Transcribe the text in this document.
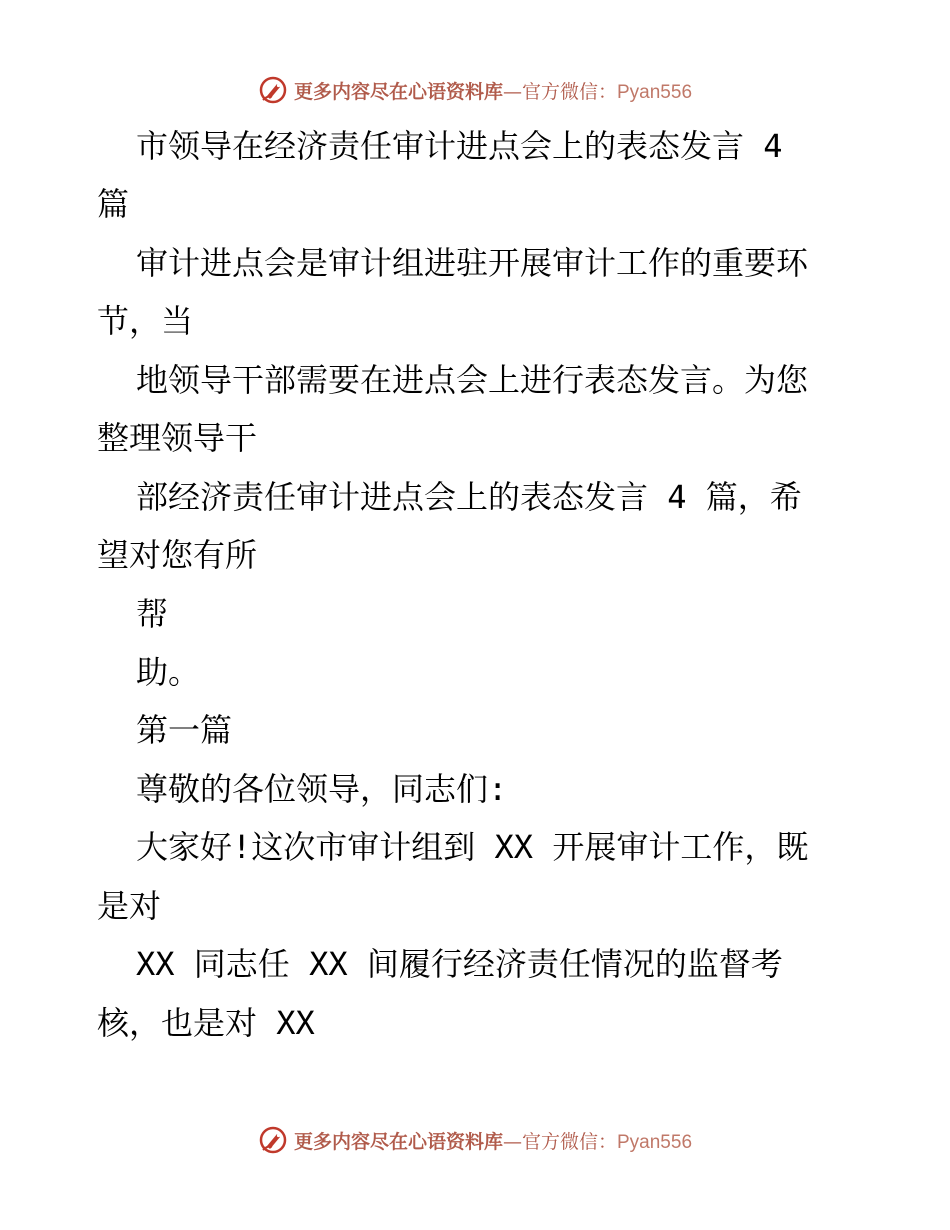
更多内容尽在心语资料库—官方微信：Pyan556
市领导在经济责任审计进点会上的表态发言 4
篇
审计进点会是审计组进驻开展审计工作的重要环
节，当
地领导干部需要在进点会上进行表态发言。为您
整理领导干
部经济责任审计进点会上的表态发言 4 篇，希
望对您有所
帮
助。
第一篇
尊敬的各位领导，同志们:
大家好!这次市审计组到 XX 开展审计工作，既
是对
XX 同志任 XX 间履行经济责任情况的监督考
核，也是对 XX
更多内容尽在心语资料库—官方微信：Pyan556
